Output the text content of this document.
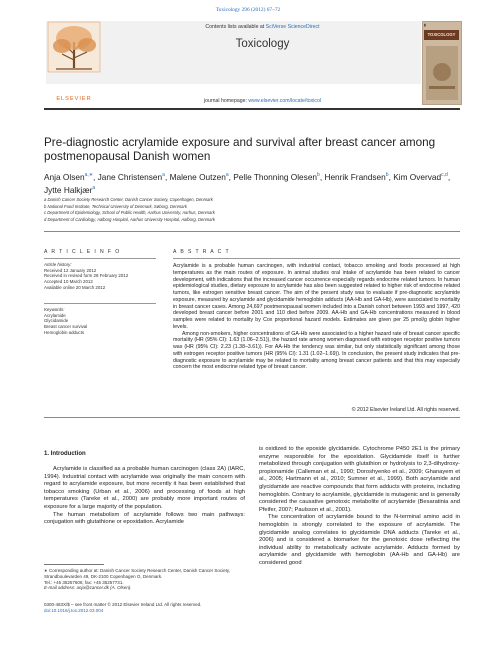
Toxicology 296 (2012) 67–72
ELSEVIER
Contents lists available at SciVerse ScienceDirect
Toxicology
journal homepage: www.elsevier.com/locate/toxicol
▮
TOXICOLOGY
Pre-diagnostic acrylamide exposure and survival after breast cancer among postmenopausal Danish women
Anja Olsen$^{a,∗}$, Jane Christensen$^a$, Malene Outzen$^a$, Pelle Thonning Olesen$^b$, Henrik Frandsen$^b$, Kim Overvad$^{c,d}$, Jytte Halkjær$^a$
a Danish Cancer Society Research Center, Danish Cancer Society, Copenhagen, Denmark
b National Food Institute, Technical University of Denmark, Søborg, Denmark
c Department of Epidemiology, School of Public Health, Aarhus University, Aarhus, Denmark
d Department of Cardiology, Aalborg Hospital, Aarhus University Hospital, Aalborg, Denmark
A R T I C L E I N F O
Article history:
Received 12 January 2012
Received in revised form 28 February 2012
Accepted 10 March 2012
Available online 20 March 2012
Keywords:
Acrylamide
Glycidamide
Breast cancer survival
Hemoglobin adducts
A B S T R A C T

Acrylamide is a probable human carcinogen, with industrial contact, tobacco smoking and foods processed at high temperatures as the main routes of exposure. In animal studies oral intake of acrylamide has been related to cancer development, with indications that the increased cancer occurrence especially regards endocrine related tumors. In human epidemiological studies, dietary exposure to acrylamide has also been suggested related to higher risk of endocrine related tumors, like estrogen sensitive breast cancer. The aim of the present study was to evaluate if pre-diagnostic acrylamide exposure, measured by acrylamide and glycidamide hemoglobin adducts (AA-Hb and GA-Hb), were associated to mortality in breast cancer cases. Among 24,697 postmenopausal women included into a Danish cohort between 1993 and 1997, 420 developed breast cancer before 2001 and 110 died before 2009. AA-Hb and GA-Hb concentrations measured in blood samples were related to mortality by Cox proportional hazard models. Estimates are given per 25 pmol/g globin higher levels.

Among non-smokers, higher concentrations of GA-Hb were associated to a higher hazard rate of breast cancer specific mortality (HR (95% CI): 1.63 (1.06–2.51)), the hazard rate among women diagnosed with estrogen receptor positive tumors was (HR (95% CI): 2.23 (1.38–3.61)). For AA-Hb the tendency was similar, but only statistically significant among those with estrogen receptor positive tumors (HR (95% CI): 1.31 (1.02–1.69)). In conclusion, the present study indicates that pre-diagnostic exposure to acrylamide may be related to mortality among breast cancer patients and that this may especially concern the most endocrine related type of breast cancer.

© 2012 Elsevier Ireland Ltd. All rights reserved.
1. Introduction

Acrylamide is classified as a probable human carcinogen (class 2A) (IARC, 1994). Industrial contact with acrylamide was originally the main concern with regard to acrylamide exposure, but more recently it has been established that tobacco smoking (Urban et al., 2006) and processing of foods at high temperatures (Tareke et al., 2000) are probably more important routes of exposure for a large majority of the population.

The human metabolism of acrylamide follows two main pathways: conjugation with glutathione or epoxidation. Acrylamide

is oxidized to the epoxide glycidamide. Cytochrome P450 2E1 is the primary enzyme responsible for the epoxidation. Glycidamide itself is further metabolized through conjugation with glutathion or hydrolysis to 2,3-dihydroxy-propionamide (Calleman et al., 1990; Doroshyenko et al., 2009; Ghanayem et al., 2005; Hartmann et al., 2010; Sumner et al., 1999). Both acrylamide and glycidamide are reactive compounds that form adducts with proteins, including hemoglobin. Contrary to acrylamide, glycidamide is mutagenic and is generally considered the causative genotoxic metabolite of acrylamide (Besaratinia and Pfeifer, 2007; Paulsson et al., 2001).

The concentration of acrylamide bound to the N-terminal amino acid in hemoglobin is strongly correlated to the exposure of acrylamide. The glycidamide analog correlates to glycidamide DNA adducts (Tareke et al., 2006) and is considered a biomarker for the genotoxic dose reflecting the individual ability to metabolically activate acrylamide. Adducts formed by acrylamide and glycidamide with hemoglobin (AA-Hb and GA-Hb) are considered good

∗ Corresponding author at: Danish Cancer Society Research Center, Danish Cancer Society, Strandboulevarden 49, DK-2100 Copenhagen O, Denmark.
Tel.: +45 35257606; fax: +45 35257731.
E-mail address: anja@cancer.dk (A. Olsen).
0300-483X/$ – see front matter © 2012 Elsevier Ireland Ltd. All rights reserved.
doi:10.1016/j.tox.2012.03.004
